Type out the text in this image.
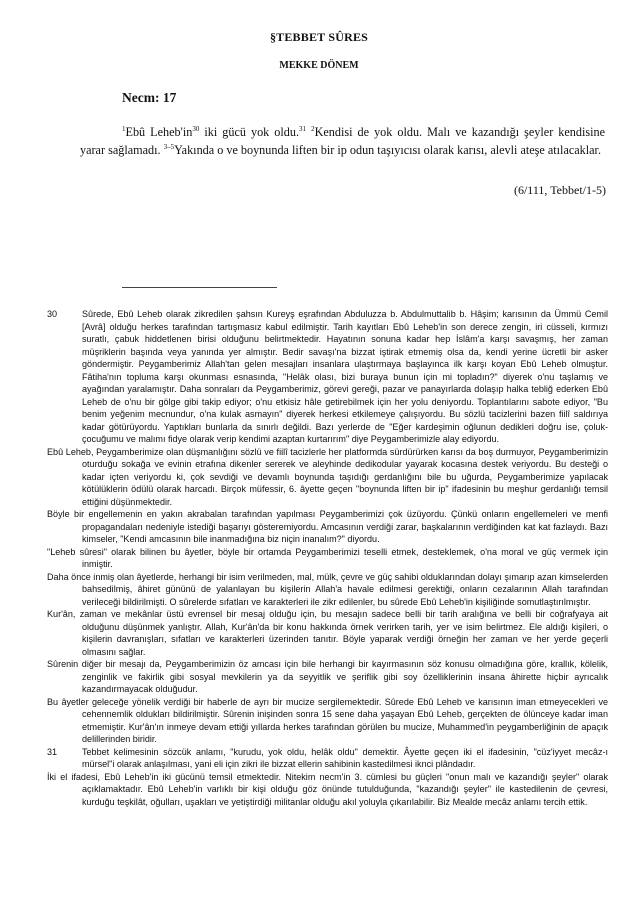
§TEBBET SÛRES
MEKKE DÖNEM
Necm: 17
$^1$Ebû $Leheb'in^{30}$ iki gücü yok oldu.$^{31}$ $^2$Kendisi de yok oldu. Malı ve kazandığı şeyler kendisine yarar sağlamadı. $^{3-5}$Yakında o ve boynunda liften bir ip odun taşıyıcısı olarak karısı, alevli ateşe atılacaklar.
(6/111, Tebbet/1-5)
30	Sûrede, Ebû Leheb olarak zikredilen şahsın Kureyş eşrafından Abduluzza b. Abdulmuttalib b. Hâşim; karısının da Ümmü Cemil [Avrâ] olduğu herkes tarafından tartışmasız kabul edilmiştir. Tarih kayıtları Ebû Leheb'in son derece zengin, iri cüsseli, kırmızı suratlı, çabuk hiddetlenen birisi olduğunu belirtmektedir. Hayatının sonuna kadar hep İslâm'a karşı savaşmış, her zaman müşriklerin başında veya yanında yer almıştır. Bedir savaşı'na bizzat iştirak etmemiş olsa da, kendi yerine ücretli bir asker göndermiştir. Peygamberimiz Allah'tan gelen mesajları insanlara ulaştırmaya başlayınca ilk karşı koyan Ebû Leheb olmuştur. Fâtiha'nın topluma karşı okunması esnasında, "Helâk olası, bizi buraya bunun için mi topladın?" diyerek o'nu taşlamış ve ayağından yaralamıştır. Daha sonraları da Peygamberimiz, görevi gereği, pazar ve panayırlarda dolaşıp halka tebliğ ederken Ebû Leheb de o'nu bir gölge gibi takip ediyor; o'nu etkisiz hâle getirebilmek için her yolu deniyordu. Toplantılarını sabote ediyor, "Bu benim yeğenim mecnundur, o'na kulak asmayın" diyerek herkesi etkilemeye çalışıyordu. Bu sözlü tacizlerini bazen fiilî saldırıya kadar götürüyordu. Yaptıkları bunlarla da sınırlı değildi. Bazı yerlerde de "Eğer kardeşimin oğlunun dedikleri doğru ise, çoluk-çocuğumu ve malımı fidye olarak verip kendimi azaptan kurtarırım" diye Peygamberimizle alay ediyordu.
Ebû Leheb, Peygamberimize olan düşmanlığını sözlü ve fiilî tacizlerle her platformda sürdürürken karısı da boş durmuyor, Peygamberimizin oturduğu sokağa ve evinin etrafına dikenler sererek ve aleyhinde dedikodular yayarak kocasına destek veriyordu. Bu desteği o kadar içten veriyordu ki, çok sevdiği ve devamlı boynunda taşıdığı gerdanlığını bile bu uğurda, Peygamberimize yapılacak kötülüklerin ödülü olarak harcadı. Birçok müfessir, 6. âyette geçen "boynunda liften bir ip" ifadesinin bu meşhur gerdanlığı temsil ettiğini düşünmektedir.
Böyle bir engellemenin en yakın akrabalan tarafından yapılması Peygamberimizi çok üzüyordu. Çünkü onların engellemeleri ve menfi propagandaları nedeniyle istediği başarıyı gösteremiyordu. Amcasının verdiği zarar, başkalarının verdiğinden kat kat fazlaydı. Bazı kimseler, "Kendi amcasının bile inanmadığına biz niçin inanalım?" diyordu.
"Leheb sûresi" olarak bilinen bu âyetler, böyle bir ortamda Peygamberimizi teselli etmek, desteklemek, o'na moral ve güç vermek için inmiştir.
Daha önce inmiş olan âyetlerde, herhangi bir isim verilmeden, mal, mülk, çevre ve güç sahibi olduklarından dolayı şımarıp azan kimselerden bahsedilmiş, âhiret gününü de yalanlayan bu kişilerin Allah'a havale edilmesi gerektiği, onların cezalarının Allah tarafından verileceği bildirilmişti. O sûrelerde sıfatları ve karakterleri ile zikr edilenler, bu sûrede Ebû Leheb'in kişiliğinde somutlaştırılmıştır.
Kur'ân, zaman ve mekânlar üstü evrensel bir mesaj olduğu için, bu mesajın sadece belli bir tarih aralığına ve belli bir coğrafyaya ait olduğunu düşünmek yanlıştır. Allah, Kur'ân'da bir konu hakkında örnek verirken tarih, yer ve isim belirtmez. Ele aldığı kişileri, o kişilerin davranışları, sıfatları ve karakterleri üzerinden tanıtır. Böyle yaparak verdiği örneğin her zaman ve her yerde geçerli olmasını sağlar.
Sûrenin diğer bir mesajı da, Peygamberimizin öz amcası için bile herhangi bir kayırmasının söz konusu olmadığına göre, krallık, kölelik, zenginlik ve fakirlik gibi sosyal mevkilerin ya da seyyitlik ve şeriflik gibi soy özelliklerinin insana âhirette hiçbir ayrıcalık kazandırmayacak olduğudur.
Bu âyetler geleceğe yönelik verdiği bir haberle de ayrı bir mucize sergilemektedir. Sûrede Ebû Leheb ve karısının iman etmeyecekleri ve cehennemlik oldukları bildirilmiştir. Sûrenin inişinden sonra 15 sene daha yaşayan Ebû Leheb, gerçekten de ölünceye kadar iman etmemiştir. Kur'ân'ın inmeye devam ettiği yıllarda herkes tarafından görülen bu mucize, Muhammed'in peygamberliğinin de apaçık delillerinden biridir.
31	Tebbet kelimesinin sözcük anlamı, "kurudu, yok oldu, helâk oldu" demektir. Âyette geçen iki el ifadesinin, "cüz'iyyet mecâz-ı mürsel"i olarak anlaşılması, yani eli için zikri ile bizzat ellerin sahibinin kastedilmesi iknci plândadır.
İki el ifadesi, Ebû Leheb'in iki gücünü temsil etmektedir. Nitekim necm'in 3. cümlesi bu güçleri "onun malı ve kazandığı şeyler" olarak açıklamaktadır. Ebû Leheb'in varlıklı bir kişi olduğu göz önünde tutulduğunda, "kazandığı şeyler" ile kastedilenin de çevresi, kurduğu teşkilât, oğulları, uşakları ve yetiştirdiği militanlar olduğu akıl yoluyla çıkarılabilir. Biz Mealde mecâz anlamı tercih ettik.
